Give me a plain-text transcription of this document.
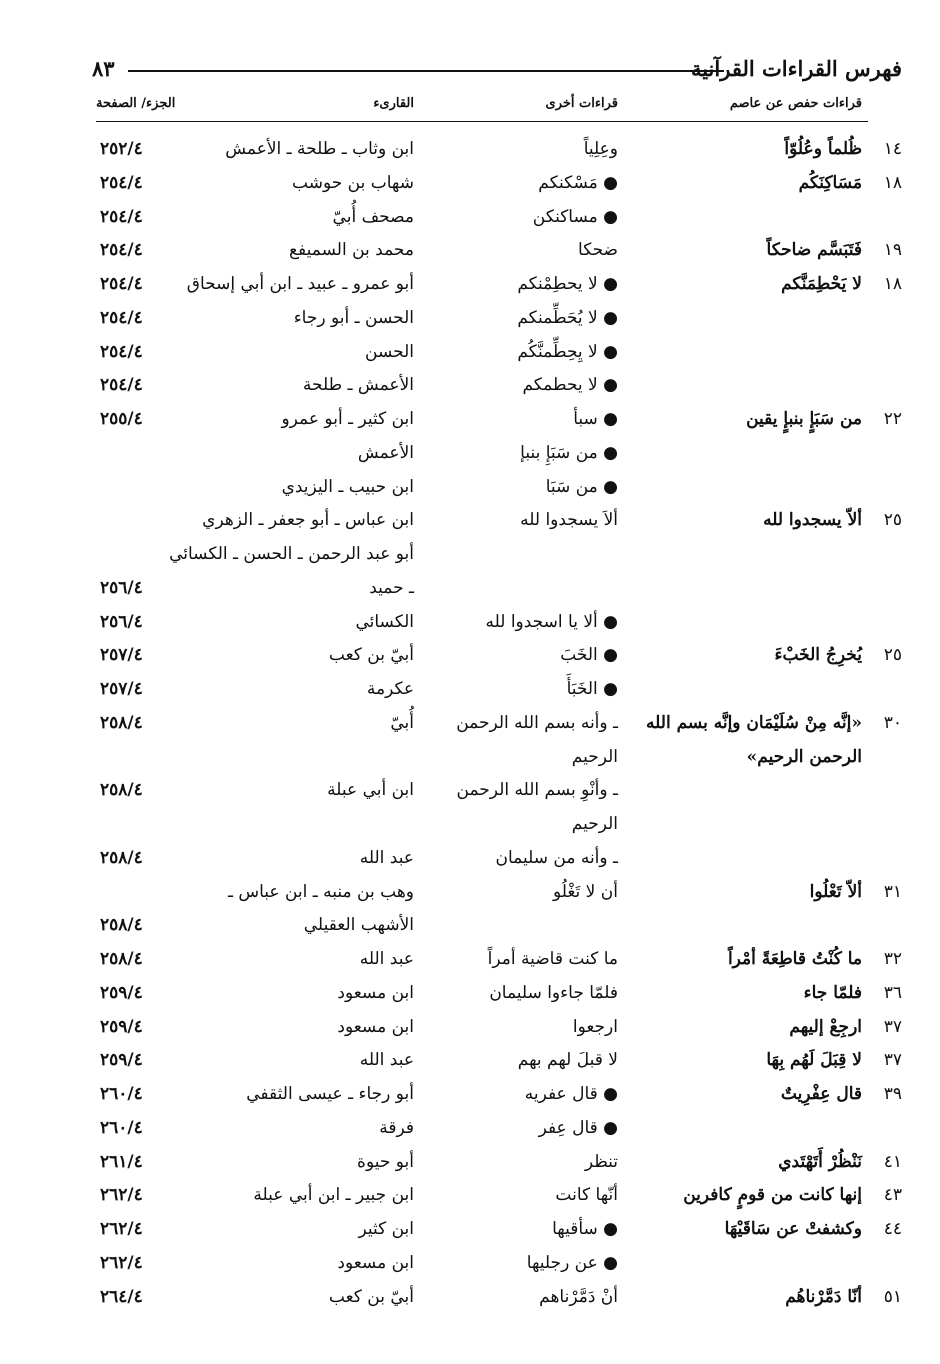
فهرس القراءات القرآنية
٨٣
قراءات حفص عن عاصم
قراءات أخرى
القارىء
الجزء/ الصفحة
١٤
ظُلماً وعُلُوّاً
وعِلِياً
ابن وثاب ـ طلحة ـ الأعمش
٢٥٢/٤
١٨
مَسَاكِنَكُم
● مَسْكنكم
شهاب بن حوشب
٢٥٤/٤
● مساكنكن
مصحف أُبيّ
٢٥٤/٤
١٩
فَتَبَسَّم ضاحكاً
ضحكا
محمد بن السميفع
٢٥٤/٤
١٨
لا يَحْطِمَنَّكم
● لا يحطِمْنكم
أبو عمرو ـ عبيد ـ ابن أبي إسحاق
٢٥٤/٤
● لا يُحَطِّمنكم
الحسن ـ أبو رجاء
٢٥٤/٤
● لا يِحِطِّمنَّكُم
الحسن
٢٥٤/٤
● لا يحطمكم
الأعمش ـ طلحة
٢٥٤/٤
٢٢
من سَبَإٍ بنبإٍ يقين
● سبأ
ابن كثير ـ أبو عمرو
٢٥٥/٤
● من سَبَإِ بنبإ
الأعمش
● من سَبَا
ابن حبيب ـ اليزيدي
٢٥
ألاّ يسجدوا لله
ألاَ يسجدوا لله
ابن عباس ـ أبو جعفر ـ الزهري
أبو عبد الرحمن ـ الحسن ـ الكسائي
ـ حميد
٢٥٦/٤
● ألا يا اسجدوا لله
الكسائي
٢٥٦/٤
٢٥
يُخرِجُ الخَبْءَ
● الخَبَ
أبيّ بن كعب
٢٥٧/٤
● الخَبَأَ
عكرمة
٢٥٧/٤
٣٠
«إنَّه مِنْ سُلَيْمَان وإنَّه بسم الله
ـ وأنه بسم الله الرحمن
أُبيّ
٢٥٨/٤
الرحمن الرحيم»
الرحيم
ـ وأنْوِ بسم الله الرحمن
ابن أبي عبلة
٢٥٨/٤
الرحيم
ـ وأنه من سليمان
عبد الله
٢٥٨/٤
٣١
ألاّ تَعْلُوا
أن لا تَغْلُو
وهب بن منبه ـ ابن عباس ـ
الأشهب العقيلي
٢٥٨/٤
٣٢
ما كُنْتُ قاطِعَةً أمْراً
ما كنت قاضية أمراً
عبد الله
٢٥٨/٤
٣٦
فلمّا جاء
فلمّا جاءوا سليمان
ابن مسعود
٢٥٩/٤
٣٧
ارجِعْ إليهم
ارجعوا
ابن مسعود
٢٥٩/٤
٣٧
لا قِبَلَ لَهُم بِهَا
لا قبلَ لهم بهم
عبد الله
٢٥٩/٤
٣٩
قال عِفْرِيتٌ
● قال عفريه
أبو رجاء ـ عيسى الثقفي
٢٦٠/٤
● قال عِفر
فرقة
٢٦٠/٤
٤١
نَنْظُرْ أَتَهْتَدي
تنظر
أبو حيوة
٢٦١/٤
٤٣
إنها كانت من قومٍ كافرين
أنّها كانت
ابن جبير ـ ابن أبي عبلة
٢٦٢/٤
٤٤
وكشفتْ عن سَاقَيْهَا
● سأقيها
ابن كثير
٢٦٢/٤
● عن رجليها
ابن مسعود
٢٦٢/٤
٥١
أنّا دَمَّرْناهُم
أنْ دَمَّرْناهم
أبيّ بن كعب
٢٦٤/٤
